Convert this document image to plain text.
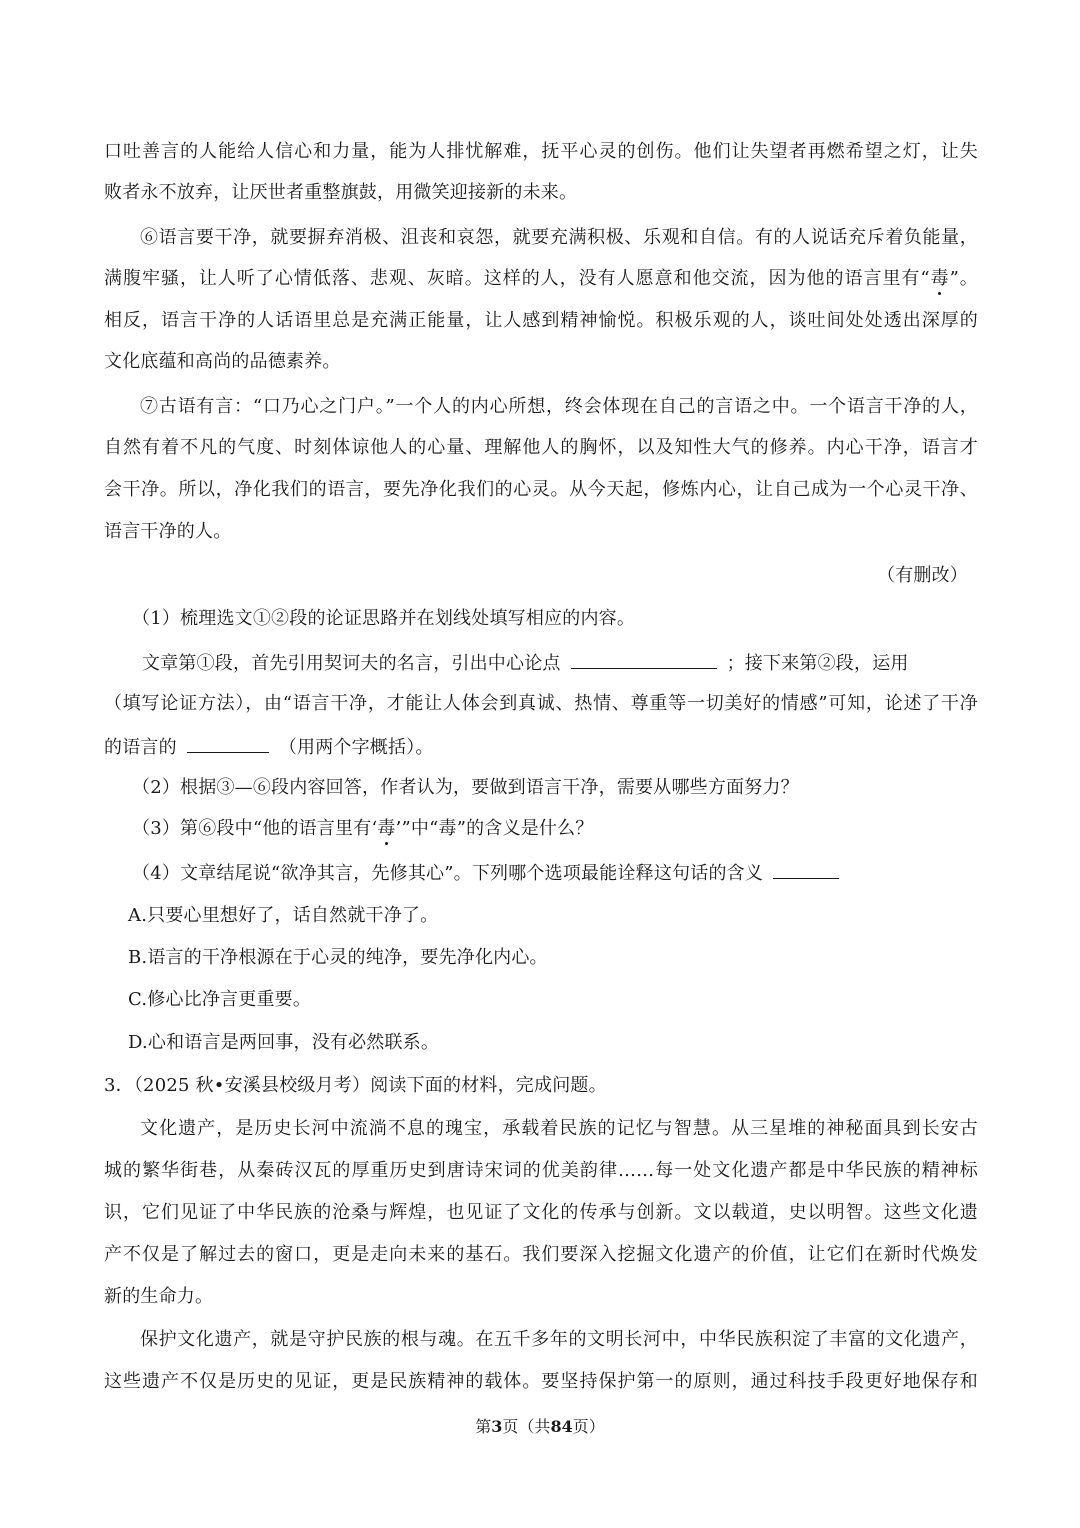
口吐善言的人能给人信心和力量，能为人排忧解难，抚平心灵的创伤。他们让失望者再燃希望之灯，让失
败者永不放弃，让厌世者重整旗鼓，用微笑迎接新的未来。
⑥语言要干净，就要摒弃消极、沮丧和哀怨，就要充满积极、乐观和自信。有的人说话充斥着负能量，
满腹牢骚，让人听了心情低落、悲观、灰暗。这样的人，没有人愿意和他交流，因为他的语言里有“毒”。
相反，语言干净的人话语里总是充满正能量，让人感到精神愉悦。积极乐观的人，谈吐间处处透出深厚的
文化底蕴和高尚的品德素养。
⑦古语有言：“口乃心之门户。”一个人的内心所想，终会体现在自己的言语之中。一个语言干净的人，
自然有着不凡的气度、时刻体谅他人的心量、理解他人的胸怀，以及知性大气的修养。内心干净，语言才
会干净。所以，净化我们的语言，要先净化我们的心灵。从今天起，修炼内心，让自己成为一个心灵干净、
语言干净的人。
（有删改）
（1）梳理选文①②段的论证思路并在划线处填写相应的内容。
文章第①段，首先引用契诃夫的名言，引出中心论点	；接下来第②段，运用
（填写论证方法），由“语言干净，才能让人体会到真诚、热情、尊重等一切美好的情感”可知，论述了干净
的语言的	（用两个字概括）。
（2）根据③—⑥段内容回答，作者认为，要做到语言干净，需要从哪些方面努力？
（3）第⑥段中“他的语言里有‘毒’”中“毒”的含义是什么？
（4）文章结尾说“欲净其言，先修其心”。下列哪个选项最能诠释这句话的含义
A.只要心里想好了，话自然就干净了。
B.语言的干净根源在于心灵的纯净，要先净化内心。
C.修心比净言更重要。
D.心和语言是两回事，没有必然联系。
3．（2025 秋•安溪县校级月考）阅读下面的材料，完成问题。
文化遗产，是历史长河中流淌不息的瑰宝，承载着民族的记忆与智慧。从三星堆的神秘面具到长安古
城的繁华街巷，从秦砖汉瓦的厚重历史到唐诗宋词的优美韵律……每一处文化遗产都是中华民族的精神标
识，它们见证了中华民族的沧桑与辉煌，也见证了文化的传承与创新。文以载道，史以明智。这些文化遗
产不仅是了解过去的窗口，更是走向未来的基石。我们要深入挖掘文化遗产的价值，让它们在新时代焕发
新的生命力。
保护文化遗产，就是守护民族的根与魂。在五千多年的文明长河中，中华民族积淀了丰富的文化遗产，
这些遗产不仅是历史的见证，更是民族精神的载体。要坚持保护第一的原则，通过科技手段更好地保存和
第3页（共84页）
